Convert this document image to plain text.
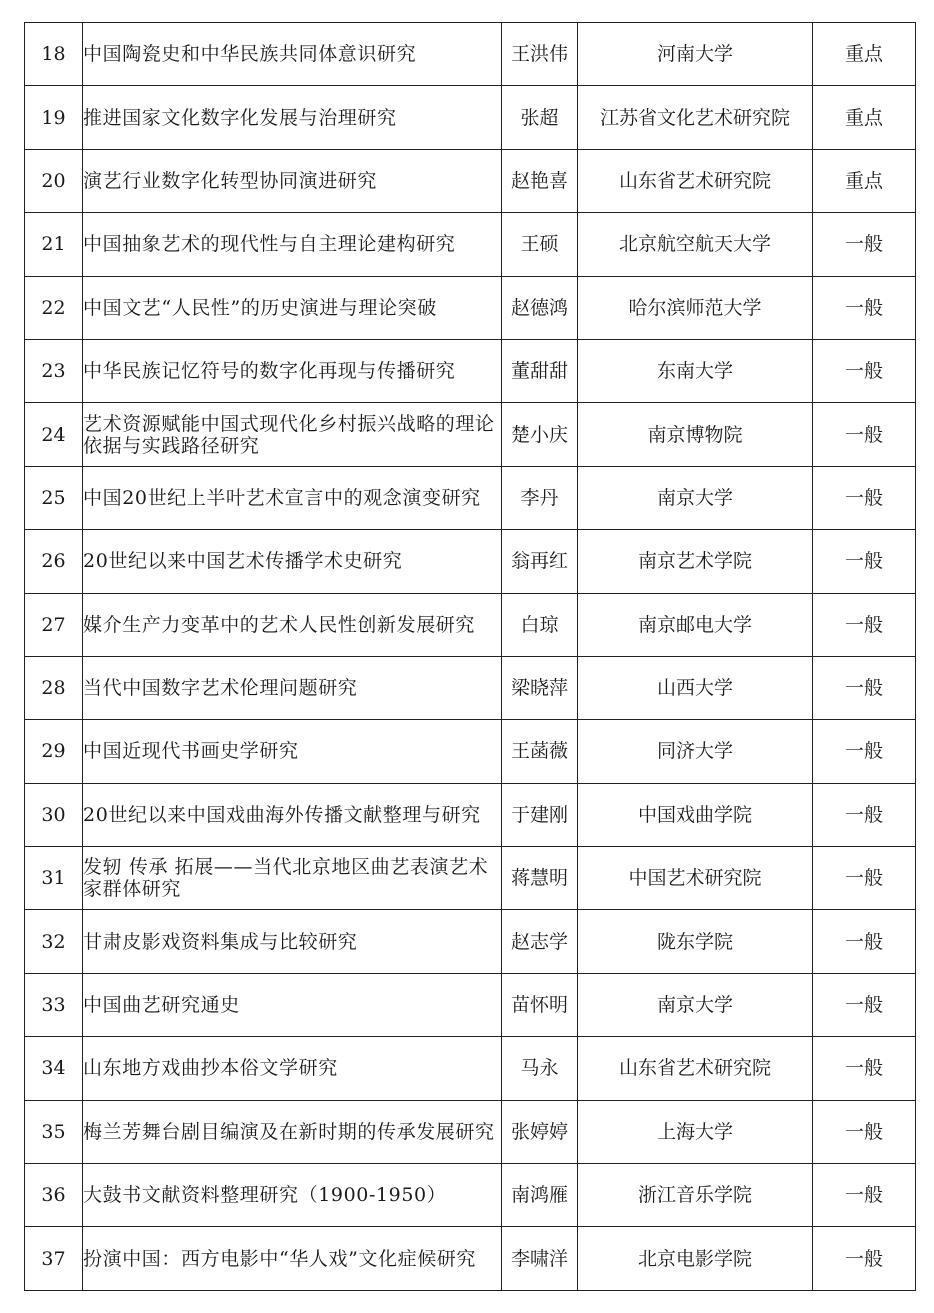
18	中国陶瓷史和中华民族共同体意识研究	王洪伟	河南大学	重点
19	推进国家文化数字化发展与治理研究	张超	江苏省文化艺术研究院	重点
20	演艺行业数字化转型协同演进研究	赵艳喜	山东省艺术研究院	重点
21	中国抽象艺术的现代性与自主理论建构研究	王硕	北京航空航天大学	一般
22	中国文艺“人民性”的历史演进与理论突破	赵德鸿	哈尔滨师范大学	一般
23	中华民族记忆符号的数字化再现与传播研究	董甜甜	东南大学	一般
24	艺术资源赋能中国式现代化乡村振兴战略的理论依据与实践路径研究	楚小庆	南京博物院	一般
25	中国20世纪上半叶艺术宣言中的观念演变研究	李丹	南京大学	一般
26	20世纪以来中国艺术传播学术史研究	翁再红	南京艺术学院	一般
27	媒介生产力变革中的艺术人民性创新发展研究	白琼	南京邮电大学	一般
28	当代中国数字艺术伦理问题研究	梁晓萍	山西大学	一般
29	中国近现代书画史学研究	王菡薇	同济大学	一般
30	20世纪以来中国戏曲海外传播文献整理与研究	于建刚	中国戏曲学院	一般
31	发轫 传承 拓展——当代北京地区曲艺表演艺术家群体研究	蒋慧明	中国艺术研究院	一般
32	甘肃皮影戏资料集成与比较研究	赵志学	陇东学院	一般
33	中国曲艺研究通史	苗怀明	南京大学	一般
34	山东地方戏曲抄本俗文学研究	马永	山东省艺术研究院	一般
35	梅兰芳舞台剧目编演及在新时期的传承发展研究	张婷婷	上海大学	一般
36	大鼓书文献资料整理研究（1900-1950）	南鸿雁	浙江音乐学院	一般
37	扮演中国：西方电影中“华人戏”文化症候研究	李啸洋	北京电影学院	一般
